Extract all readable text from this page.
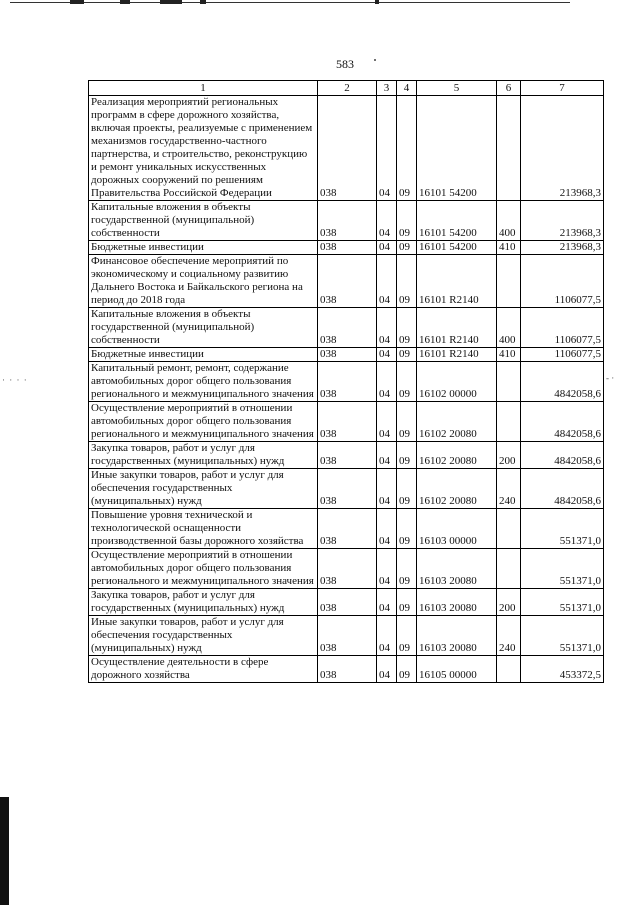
583
· · · ·	- ·
1	2	3	4	5	6	7
Реализация мероприятий региональных программ в сфере дорожного хозяйства, включая проекты, реализуемые с применением механизмов государственно-частного партнерства, и строительство, реконструкцию и ремонт уникальных искусственных дорожных сооружений по решениям Правительства Российской Федерации	038	04	09	16101 54200		213968,3
Капитальные вложения в объекты государственной (муниципальной) собственности	038	04	09	16101 54200	400	213968,3
Бюджетные инвестиции	038	04	09	16101 54200	410	213968,3
Финансовое обеспечение мероприятий по экономическому и социальному развитию Дальнего Востока и Байкальского региона на период до 2018 года	038	04	09	16101 R2140		1106077,5
Капитальные вложения в объекты государственной (муниципальной) собственности	038	04	09	16101 R2140	400	1106077,5
Бюджетные инвестиции	038	04	09	16101 R2140	410	1106077,5
Капитальный ремонт, ремонт, содержание автомобильных дорог общего пользования регионального и межмуниципального значения	038	04	09	16102 00000		4842058,6
Осуществление мероприятий в отношении автомобильных дорог общего пользования регионального и межмуниципального значения	038	04	09	16102 20080		4842058,6
Закупка товаров, работ и услуг для государственных (муниципальных) нужд	038	04	09	16102 20080	200	4842058,6
Иные закупки товаров, работ и услуг для обеспечения государственных (муниципальных) нужд	038	04	09	16102 20080	240	4842058,6
Повышение уровня технической и технологической оснащенности производственной базы дорожного хозяйства	038	04	09	16103 00000		551371,0
Осуществление мероприятий в отношении автомобильных дорог общего пользования регионального и межмуниципального значения	038	04	09	16103 20080		551371,0
Закупка товаров, работ и услуг для государственных (муниципальных) нужд	038	04	09	16103 20080	200	551371,0
Иные закупки товаров, работ и услуг для обеспечения государственных (муниципальных) нужд	038	04	09	16103 20080	240	551371,0
Осуществление деятельности в сфере дорожного хозяйства	038	04	09	16105 00000		453372,5
